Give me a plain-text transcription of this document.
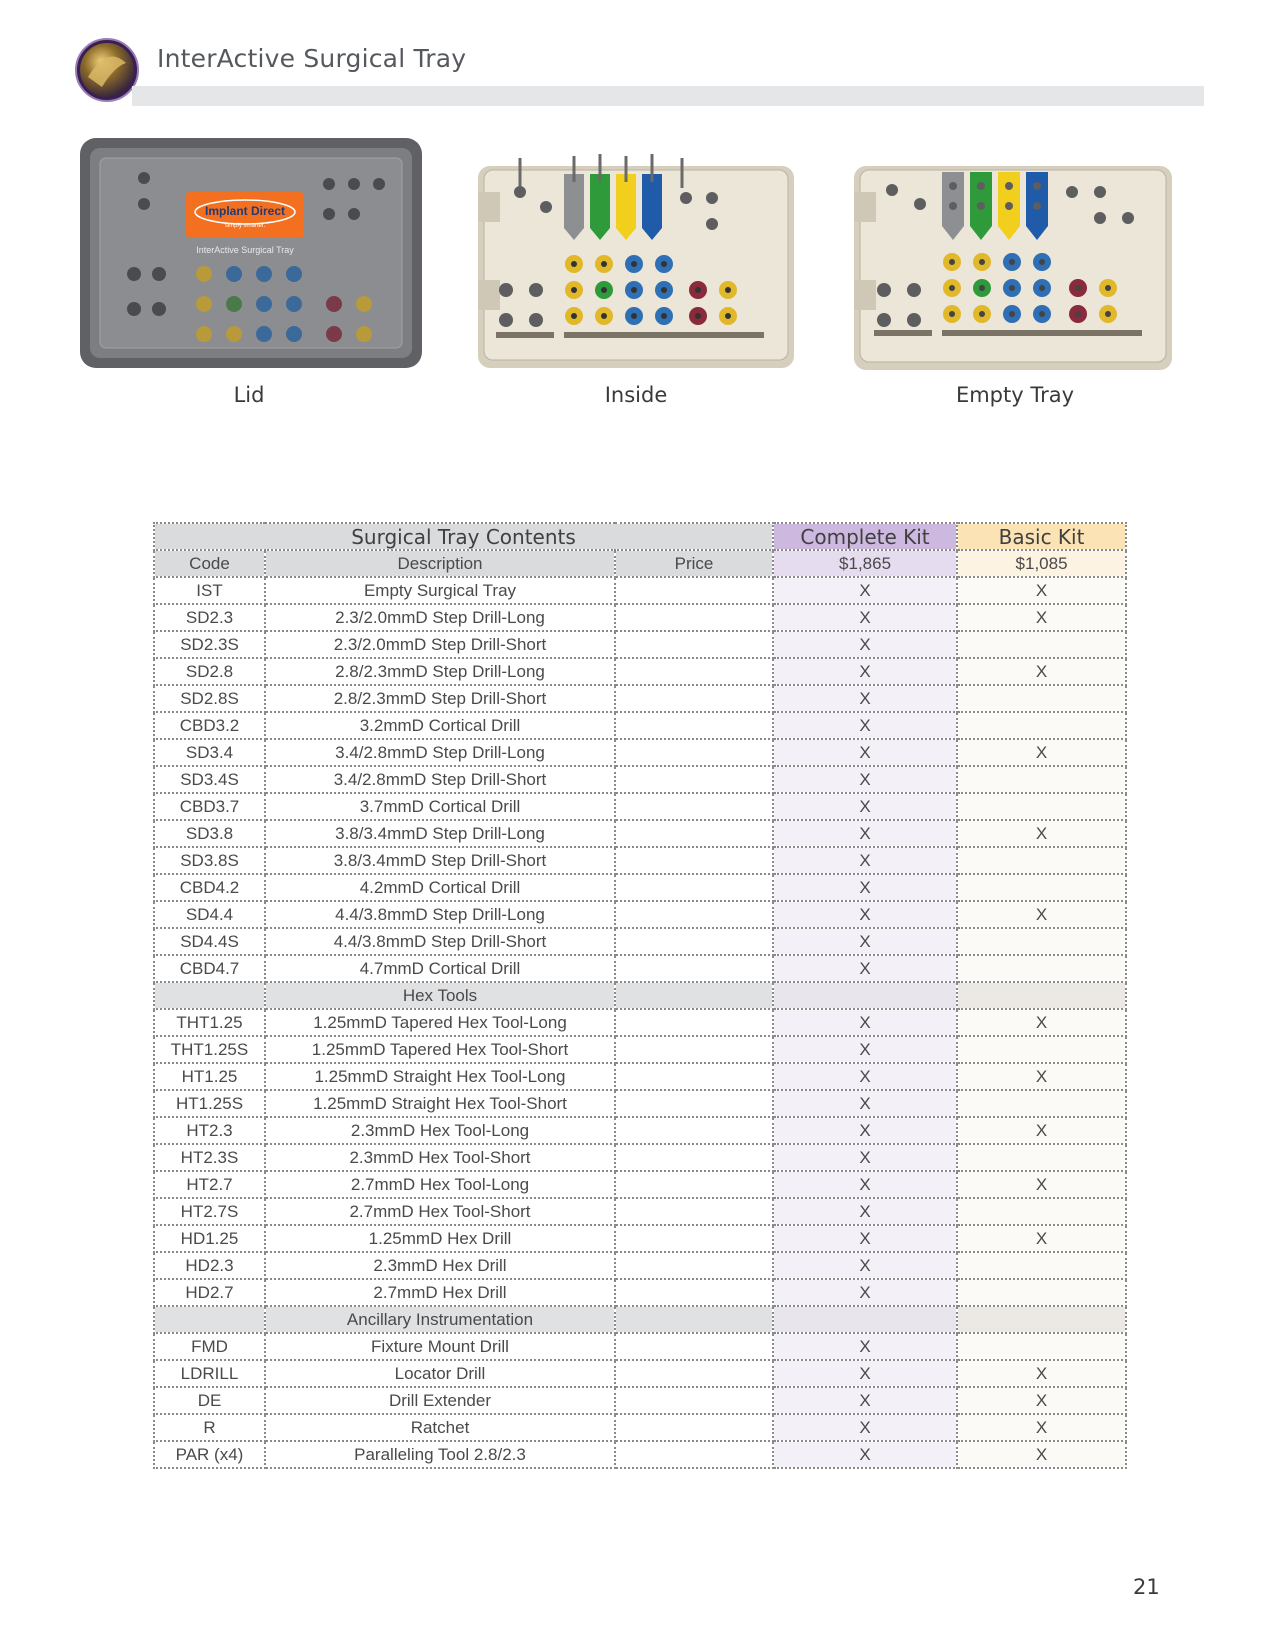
InterActive Surgical Tray
Implant Direct
simply smarter.
InterActive Surgical Tray
Lid	Inside	Empty Tray
Surgical Tray Contents			Complete Kit	Basic Kit
Code	Description	Price	$1,865	$1,085
IST	Empty Surgical Tray		X	X
SD2.3	2.3/2.0mmD Step Drill-Long		X	X
SD2.3S	2.3/2.0mmD Step Drill-Short		X	
SD2.8	2.8/2.3mmD Step Drill-Long		X	X
SD2.8S	2.8/2.3mmD Step Drill-Short		X	
CBD3.2	3.2mmD Cortical Drill		X	
SD3.4	3.4/2.8mmD Step Drill-Long		X	X
SD3.4S	3.4/2.8mmD Step Drill-Short		X	
CBD3.7	3.7mmD Cortical Drill		X	
SD3.8	3.8/3.4mmD Step Drill-Long		X	X
SD3.8S	3.8/3.4mmD Step Drill-Short		X	
CBD4.2	4.2mmD Cortical Drill		X	
SD4.4	4.4/3.8mmD Step Drill-Long		X	X
SD4.4S	4.4/3.8mmD Step Drill-Short		X	
CBD4.7	4.7mmD Cortical Drill		X	
	Hex Tools			
THT1.25	1.25mmD Tapered Hex Tool-Long		X	X
THT1.25S	1.25mmD Tapered Hex Tool-Short		X	
HT1.25	1.25mmD Straight Hex Tool-Long		X	X
HT1.25S	1.25mmD Straight Hex Tool-Short		X	
HT2.3	2.3mmD Hex Tool-Long		X	X
HT2.3S	2.3mmD Hex Tool-Short		X	
HT2.7	2.7mmD Hex Tool-Long		X	X
HT2.7S	2.7mmD Hex Tool-Short		X	
HD1.25	1.25mmD Hex Drill		X	X
HD2.3	2.3mmD Hex Drill		X	
HD2.7	2.7mmD Hex Drill		X	
	Ancillary Instrumentation			
FMD	Fixture Mount Drill		X	
LDRILL	Locator Drill		X	X
DE	Drill Extender		X	X
R	Ratchet		X	X
PAR (x4)	Paralleling Tool 2.8/2.3		X	X
21
